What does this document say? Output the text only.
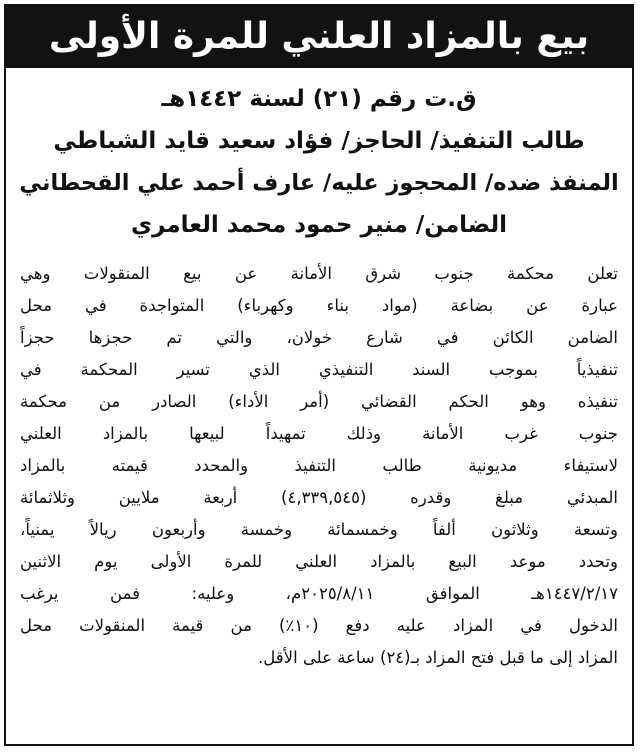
بيع بالمزاد العلني للمرة الأولى
ق.ت رقم (٢١) لسنة ١٤٤٢هـ
طالب التنفيذ/ الحاجز/ فؤاد سعيد قايد الشباطي
المنفذ ضده/ المحجوز عليه/ عارف أحمد علي القحطاني
الضامن/ منير حمود محمد العامري
تعلن محكمة جنوب شرق الأمانة عن بيع المنقولات وهي
عبارة عن بضاعة (مواد بناء وكهرباء) المتواجدة في محل
الضامن الكائن في شارع خولان، والتي تم حجزها حجزاً
تنفيذياً بموجب السند التنفيذي الذي تسير المحكمة في
تنفيذه وهو الحكم القضائي (أمر الأداء) الصادر من محكمة
جنوب غرب الأمانة وذلك تمهيداً لبيعها بالمزاد العلني
لاستيفاء مديونية طالب التنفيذ والمحدد قيمته بالمزاد
المبدئي مبلغ وقدره (٤,٣٣٩,٥٤٥) أربعة ملايين وثلاثمائة
وتسعة وثلاثون ألفاً وخمسمائة وخمسة وأربعون ريالاً يمنياً،
وتحدد موعد البيع بالمزاد العلني للمرة الأولى يوم الاثنين
١٤٤٧/٢/١٧هـ الموافق ٢٠٢٥/٨/١١م، وعليه: فمن يرغب
الدخول في المزاد عليه دفع (١٠٪) من قيمة المنقولات محل
المزاد إلى ما قبل فتح المزاد بـ(٢٤) ساعة على الأقل.
